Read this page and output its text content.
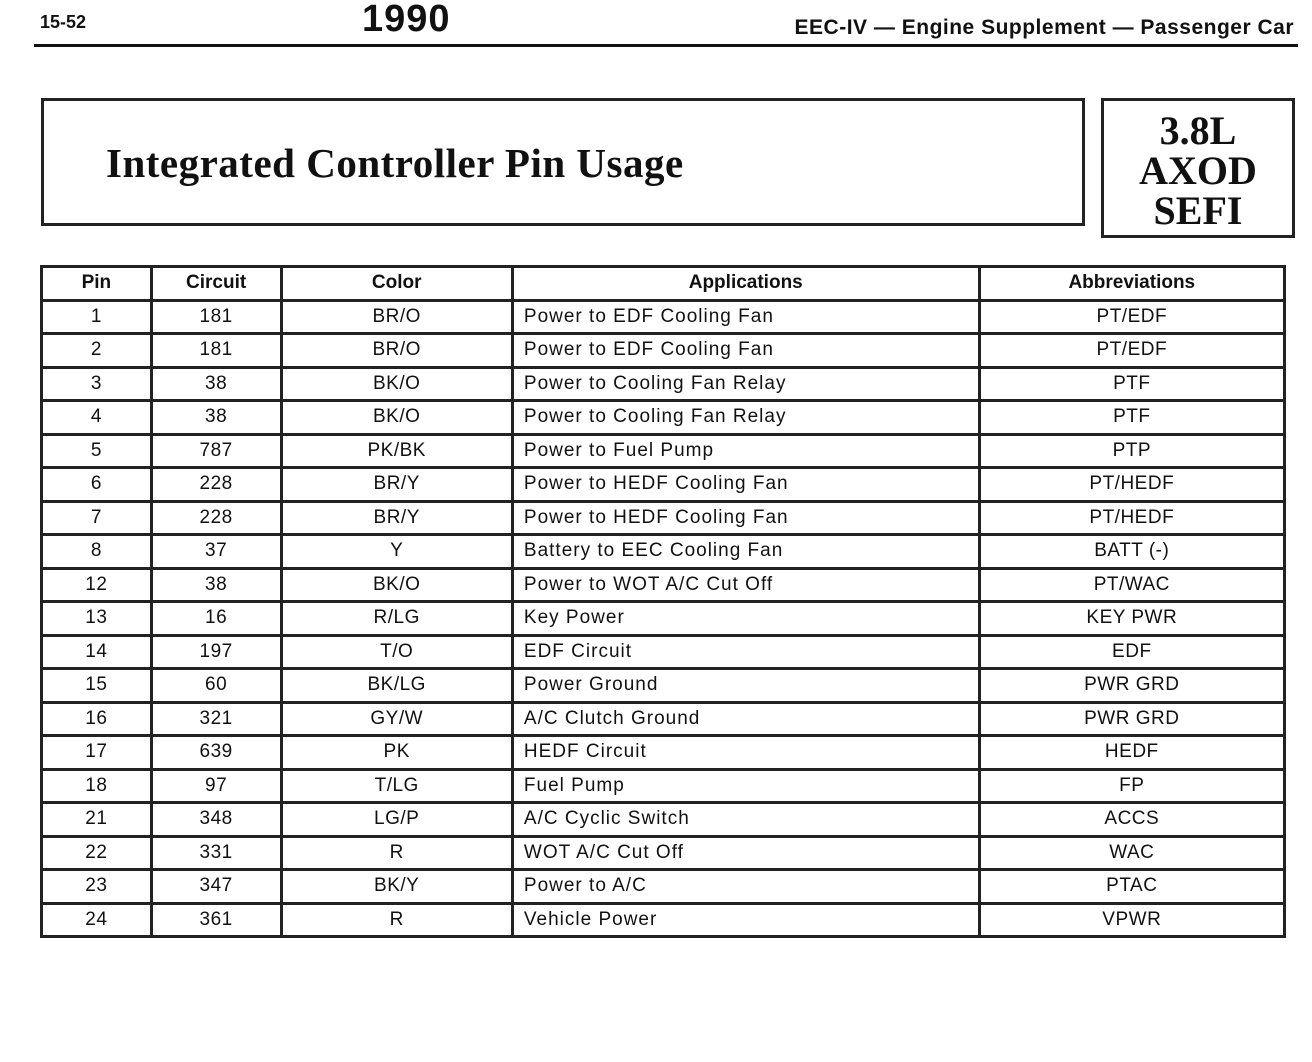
15-52	1990	EEC-IV — Engine Supplement — Passenger Car
Integrated Controller Pin Usage
3.8L
AXOD
SEFI
Pin	Circuit	Color	Applications	Abbreviations
1	181	BR/O	Power to EDF Cooling Fan	PT/EDF
2	181	BR/O	Power to EDF Cooling Fan	PT/EDF
3	38	BK/O	Power to Cooling Fan Relay	PTF
4	38	BK/O	Power to Cooling Fan Relay	PTF
5	787	PK/BK	Power to Fuel Pump	PTP
6	228	BR/Y	Power to HEDF Cooling Fan	PT/HEDF
7	228	BR/Y	Power to HEDF Cooling Fan	PT/HEDF
8	37	Y	Battery to EEC Cooling Fan	BATT (-)
12	38	BK/O	Power to WOT A/C Cut Off	PT/WAC
13	16	R/LG	Key Power	KEY PWR
14	197	T/O	EDF Circuit	EDF
15	60	BK/LG	Power Ground	PWR GRD
16	321	GY/W	A/C Clutch Ground	PWR GRD
17	639	PK	HEDF Circuit	HEDF
18	97	T/LG	Fuel Pump	FP
21	348	LG/P	A/C Cyclic Switch	ACCS
22	331	R	WOT A/C Cut Off	WAC
23	347	BK/Y	Power to A/C	PTAC
24	361	R	Vehicle Power	VPWR
